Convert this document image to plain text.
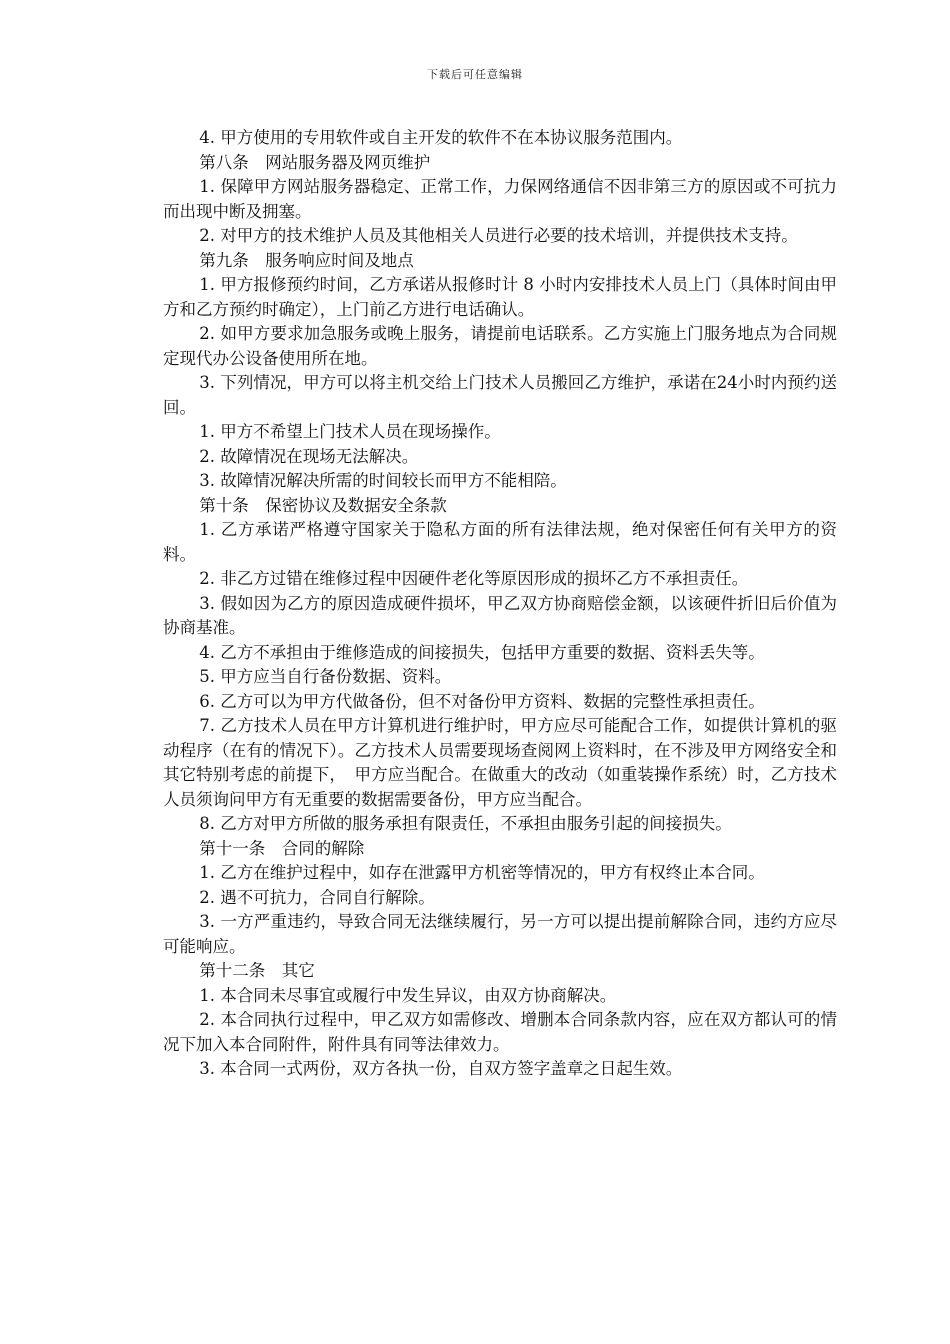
下载后可任意编辑

4. 甲方使用的专用软件或自主开发的软件不在本协议服务范围内。

第八条　网站服务器及网页维护

1. 保障甲方网站服务器稳定、正常工作，力保网络通信不因非第三方的原因或不可抗力而出现中断及拥塞。

2. 对甲方的技术维护人员及其他相关人员进行必要的技术培训，并提供技术支持。

第九条　服务响应时间及地点

1. 甲方报修预约时间，乙方承诺从报修时计 8 小时内安排技术人员上门（具体时间由甲方和乙方预约时确定），上门前乙方进行电话确认。

2. 如甲方要求加急服务或晚上服务，请提前电话联系。乙方实施上门服务地点为合同规定现代办公设备使用所在地。

3. 下列情况，甲方可以将主机交给上门技术人员搬回乙方维护，承诺在24小时内预约送回。

1. 甲方不希望上门技术人员在现场操作。

2. 故障情况在现场无法解决。

3. 故障情况解决所需的时间较长而甲方不能相陪。

第十条　保密协议及数据安全条款

1. 乙方承诺严格遵守国家关于隐私方面的所有法律法规，绝对保密任何有关甲方的资料。

2. 非乙方过错在维修过程中因硬件老化等原因形成的损坏乙方不承担责任。

3. 假如因为乙方的原因造成硬件损坏，甲乙双方协商赔偿金额，以该硬件折旧后价值为协商基准。

4. 乙方不承担由于维修造成的间接损失，包括甲方重要的数据、资料丢失等。

5. 甲方应当自行备份数据、资料。

6. 乙方可以为甲方代做备份，但不对备份甲方资料、数据的完整性承担责任。

7. 乙方技术人员在甲方计算机进行维护时，甲方应尽可能配合工作，如提供计算机的驱动程序（在有的情况下）。乙方技术人员需要现场查阅网上资料时，在不涉及甲方网络安全和其它特别考虑的前提下，　甲方应当配合。在做重大的改动（如重装操作系统）时，乙方技术人员须询问甲方有无重要的数据需要备份，甲方应当配合。

8. 乙方对甲方所做的服务承担有限责任，不承担由服务引起的间接损失。

第十一条　合同的解除

1. 乙方在维护过程中，如存在泄露甲方机密等情况的，甲方有权终止本合同。

2. 遇不可抗力，合同自行解除。

3. 一方严重违约，导致合同无法继续履行，另一方可以提出提前解除合同，违约方应尽可能响应。

第十二条　其它

1. 本合同未尽事宜或履行中发生异议，由双方协商解决。

2. 本合同执行过程中，甲乙双方如需修改、增删本合同条款内容，应在双方都认可的情况下加入本合同附件，附件具有同等法律效力。

3. 本合同一式两份，双方各执一份，自双方签字盖章之日起生效。
